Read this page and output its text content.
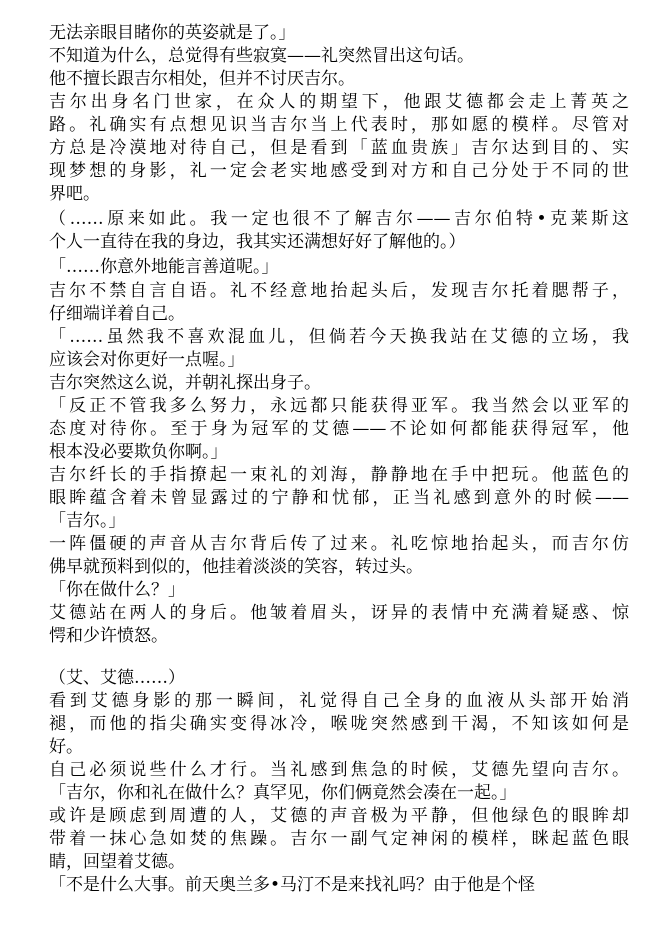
无法亲眼目睹你的英姿就是了。」
不知道为什么，总觉得有些寂寞——礼突然冒出这句话。
他不擅长跟吉尔相处，但并不讨厌吉尔。
吉尔出身名门世家，在众人的期望下，他跟艾德都会走上菁英之
路。礼确实有点想见识当吉尔当上代表时，那如愿的模样。尽管对
方总是冷漠地对待自己，但是看到「蓝血贵族」吉尔达到目的、实
现梦想的身影，礼一定会老实地感受到对方和自己分处于不同的世
界吧。
（……原来如此。我一定也很不了解吉尔——吉尔伯特•克莱斯这
个人一直待在我的身边，我其实还满想好好了解他的。）
「……你意外地能言善道呢。」
吉尔不禁自言自语。礼不经意地抬起头后，发现吉尔托着腮帮子，
仔细端详着自己。
「……虽然我不喜欢混血儿，但倘若今天换我站在艾德的立场，我
应该会对你更好一点喔。」
吉尔突然这么说，并朝礼探出身子。
「反正不管我多么努力，永远都只能获得亚军。我当然会以亚军的
态度对待你。至于身为冠军的艾德——不论如何都能获得冠军，他
根本没必要欺负你啊。」
吉尔纤长的手指撩起一束礼的刘海，静静地在手中把玩。他蓝色的
眼眸蕴含着未曾显露过的宁静和忧郁，正当礼感到意外的时候——
「吉尔。」
一阵僵硬的声音从吉尔背后传了过来。礼吃惊地抬起头，而吉尔仿
佛早就预料到似的，他挂着淡淡的笑容，转过头。
「你在做什么？」
艾德站在两人的身后。他皱着眉头，讶异的表情中充满着疑惑、惊
愕和少许愤怒。
（艾、艾德……）
看到艾德身影的那一瞬间，礼觉得自己全身的血液从头部开始消
褪，而他的指尖确实变得冰冷，喉咙突然感到干渴，不知该如何是
好。
自己必须说些什么才行。当礼感到焦急的时候，艾德先望向吉尔。
「吉尔，你和礼在做什么？真罕见，你们俩竟然会凑在一起。」
或许是顾虑到周遭的人，艾德的声音极为平静，但他绿色的眼眸却
带着一抹心急如焚的焦躁。吉尔一副气定神闲的模样，眯起蓝色眼
睛，回望着艾德。
「不是什么大事。前天奥兰多•马汀不是来找礼吗？由于他是个怪
